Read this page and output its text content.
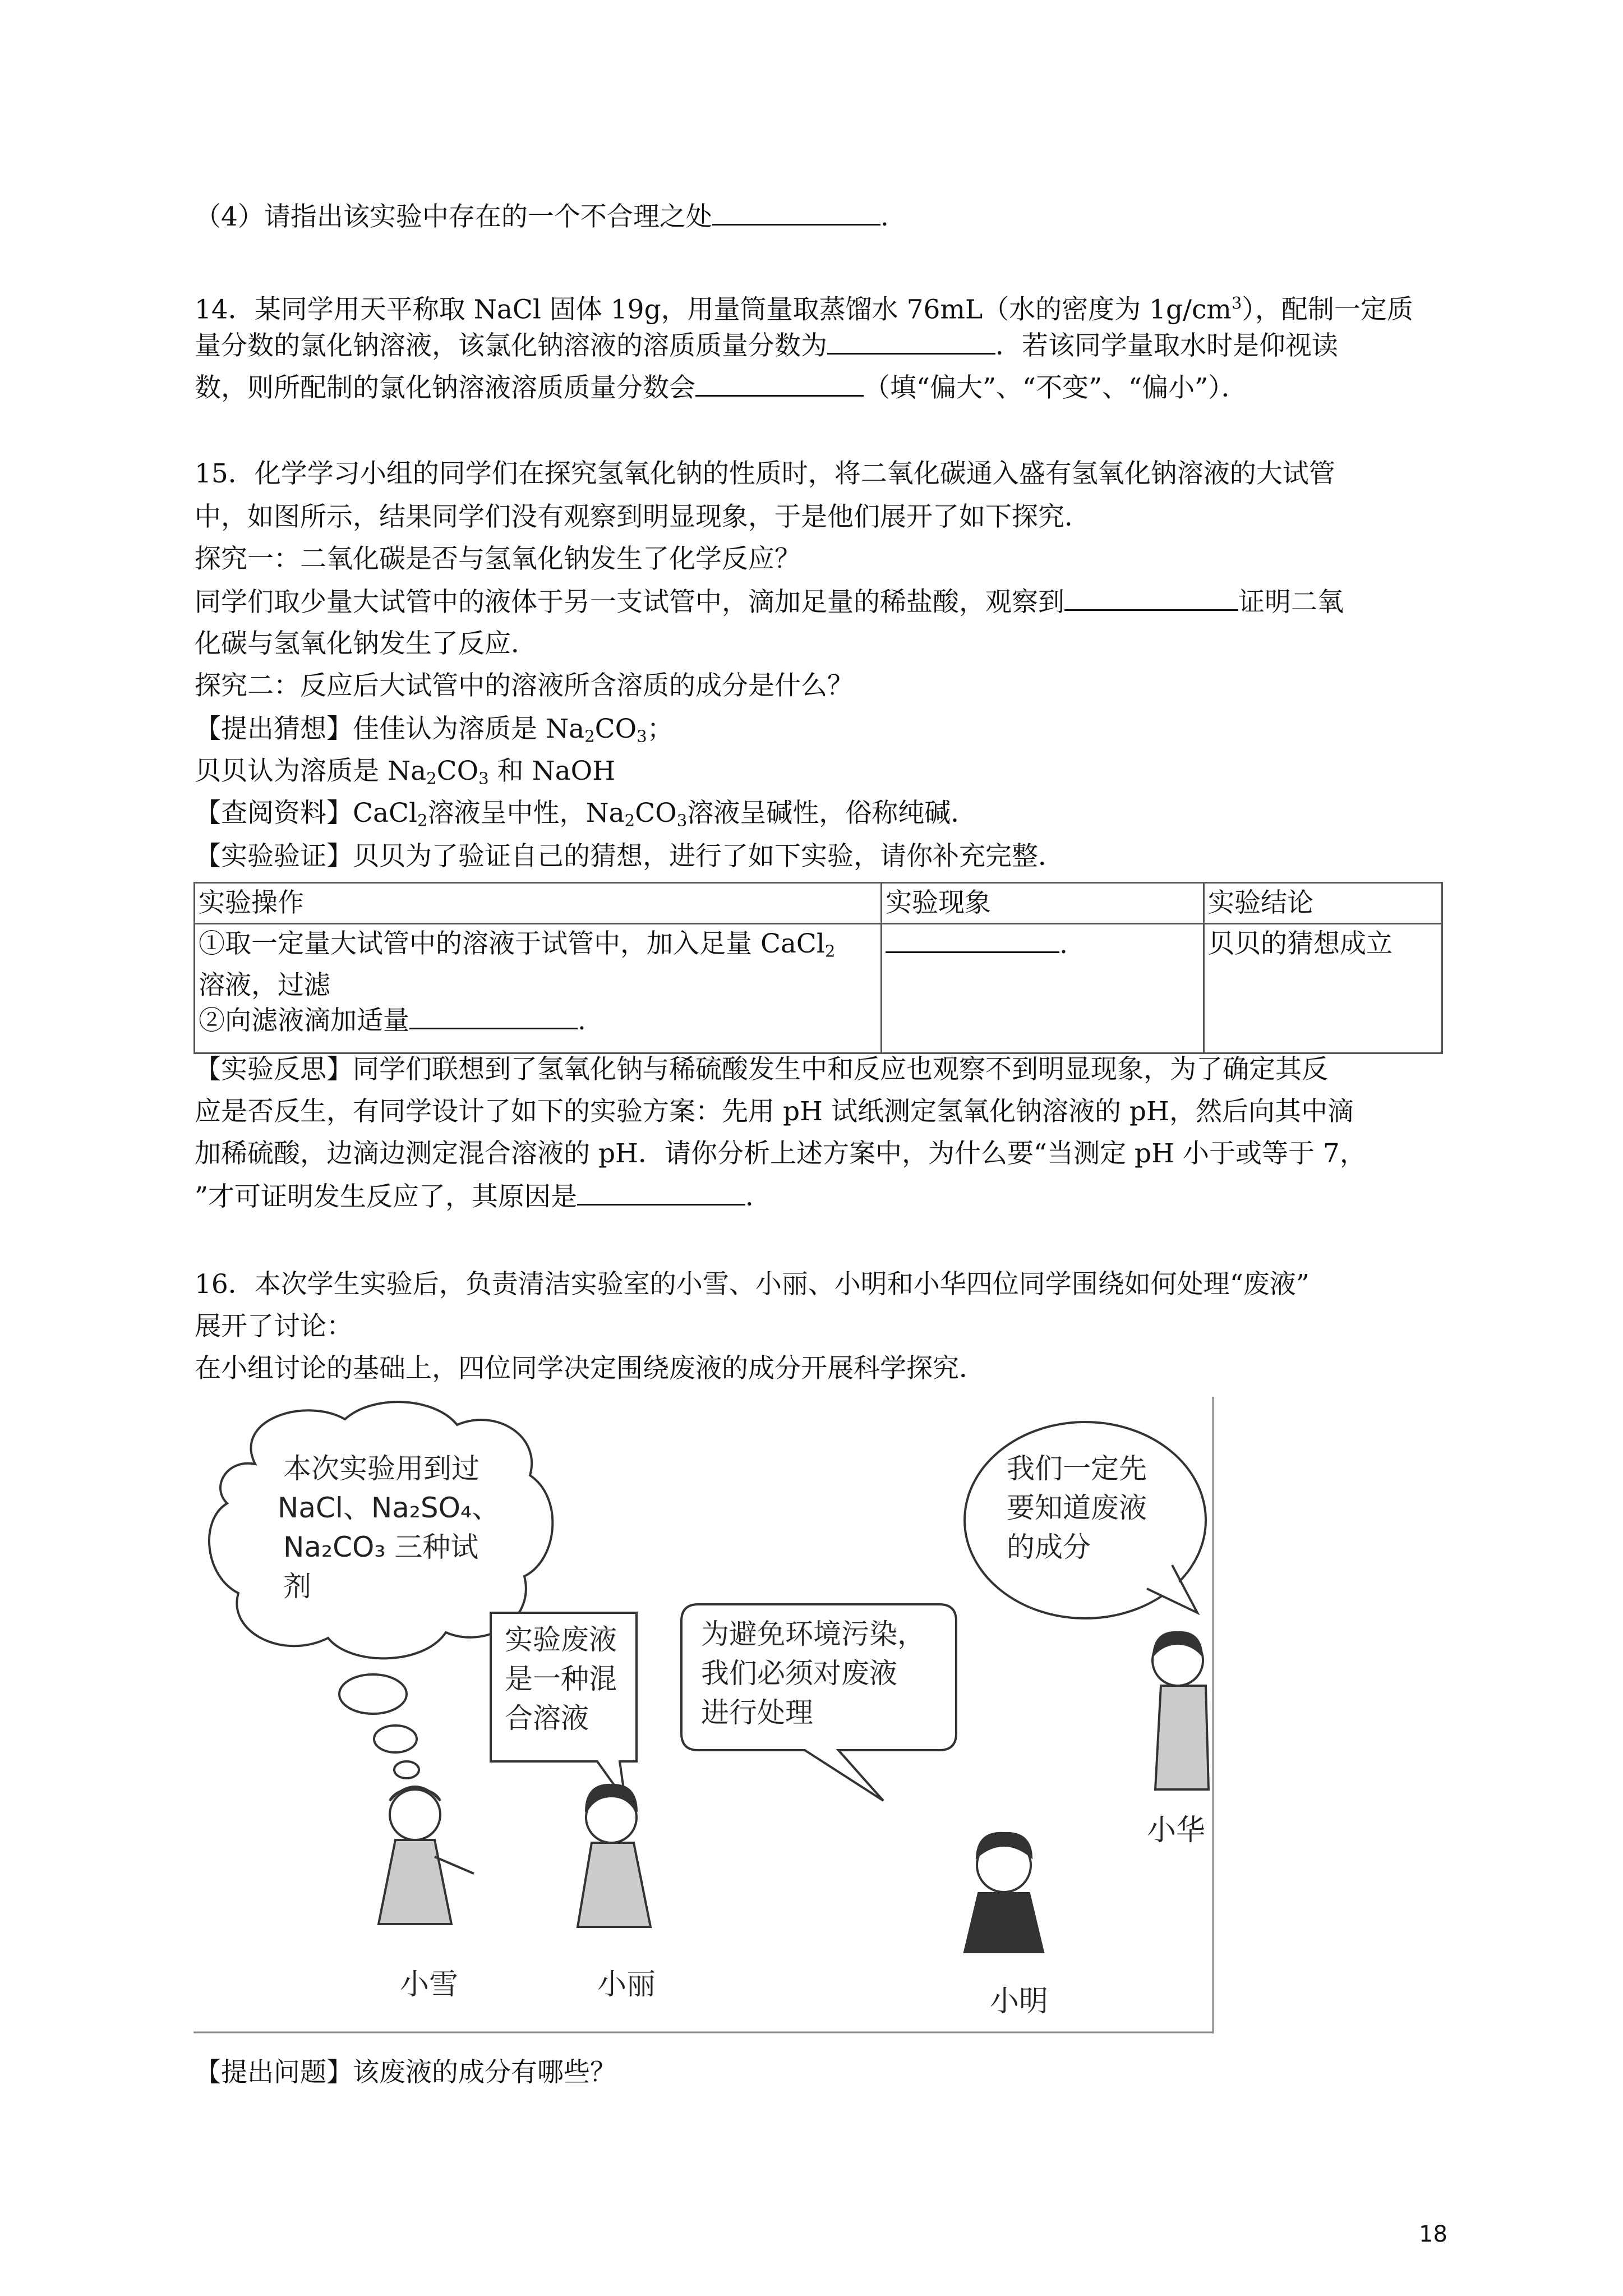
（4）请指出该实验中存在的一个不合理之处	.
14．某同学用天平称取 NaCl 固体 19g，用量筒量取蒸馏水 76mL（水的密度为 $1g/cm^3$），配制一定质
量分数的氯化钠溶液，该氯化钠溶液的溶质质量分数为	．若该同学量取水时是仰视读
数，则所配制的氯化钠溶液溶质质量分数会	（填“偏大”、“不变”、“偏小”）．
15．化学学习小组的同学们在探究氢氧化钠的性质时，将二氧化碳通入盛有氢氧化钠溶液的大试管
中，如图所示，结果同学们没有观察到明显现象，于是他们展开了如下探究．
探究一：二氧化碳是否与氢氧化钠发生了化学反应？
同学们取少量大试管中的液体于另一支试管中，滴加足量的稀盐酸，观察到	证明二氧
化碳与氢氧化钠发生了反应．
探究二：反应后大试管中的溶液所含溶质的成分是什么？
【提出猜想】佳佳认为溶质是 $Na_2CO_3$；
贝贝认为溶质是 $Na_2CO_3$ 和 NaOH
【查阅资料】CaCl$_2$溶液呈中性，$Na_2CO_3$溶液呈碱性，俗称纯碱．
【实验验证】贝贝为了验证自己的猜想，进行了如下实验，请你补充完整．
实验操作	实验现象	实验结论

①取一定量大试管中的溶液于试管中，加入足量 CaCl$_2$
溶液，过滤
②向滤液滴加适量 .	.	贝贝的猜想成立
【实验反思】同学们联想到了氢氧化钠与稀硫酸发生中和反应也观察不到明显现象，为了确定其反
应是否反生，有同学设计了如下的实验方案：先用 pH 试纸测定氢氧化钠溶液的 pH，然后向其中滴
加稀硫酸，边滴边测定混合溶液的 pH．请你分析上述方案中，为什么要“当测定 pH 小于或等于 7，
”才可证明发生反应了，其原因是	．
16．本次学生实验后，负责清洁实验室的小雪、小丽、小明和小华四位同学围绕如何处理“废液”
展开了讨论：
在小组讨论的基础上，四位同学决定围绕废液的成分开展科学探究．
本次实验用到过
NaCl、Na₂SO₄、
Na₂CO₃ 三种试
剂
实验废液
是一种混
合溶液
为避免环境污染，
我们必须对废液
进行处理
我们一定先
要知道废液
的成分
小雪	小丽	小明
小华
【提出问题】该废液的成分有哪些？
18
